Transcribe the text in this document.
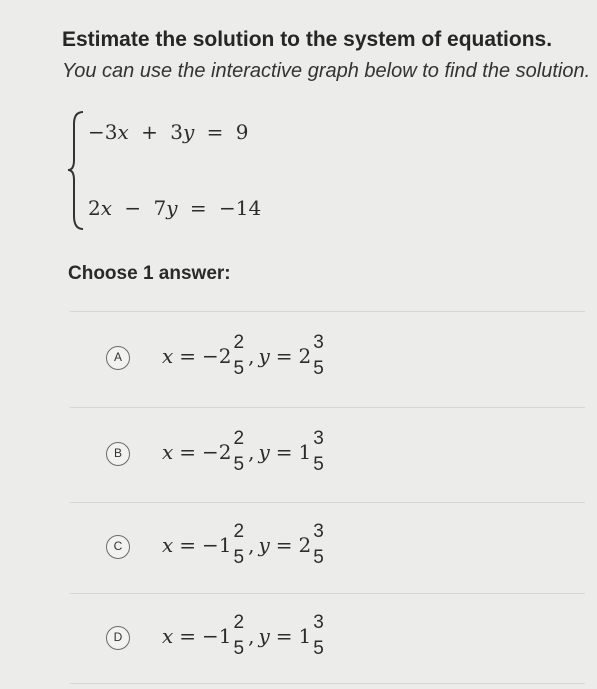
Estimate the solution to the system of equations.
You can use the interactive graph below to find the solution.
−3x + 3y = 9
2x − 7y = −14
Choose 1 answer:
A	x = −2
2
5
, y = 2
3
5
B	x = −2
2
5
, y = 1
3
5
C	x = −1
2
5
, y = 2
3
5
D	x = −1
2
5
, y = 1
3
5
